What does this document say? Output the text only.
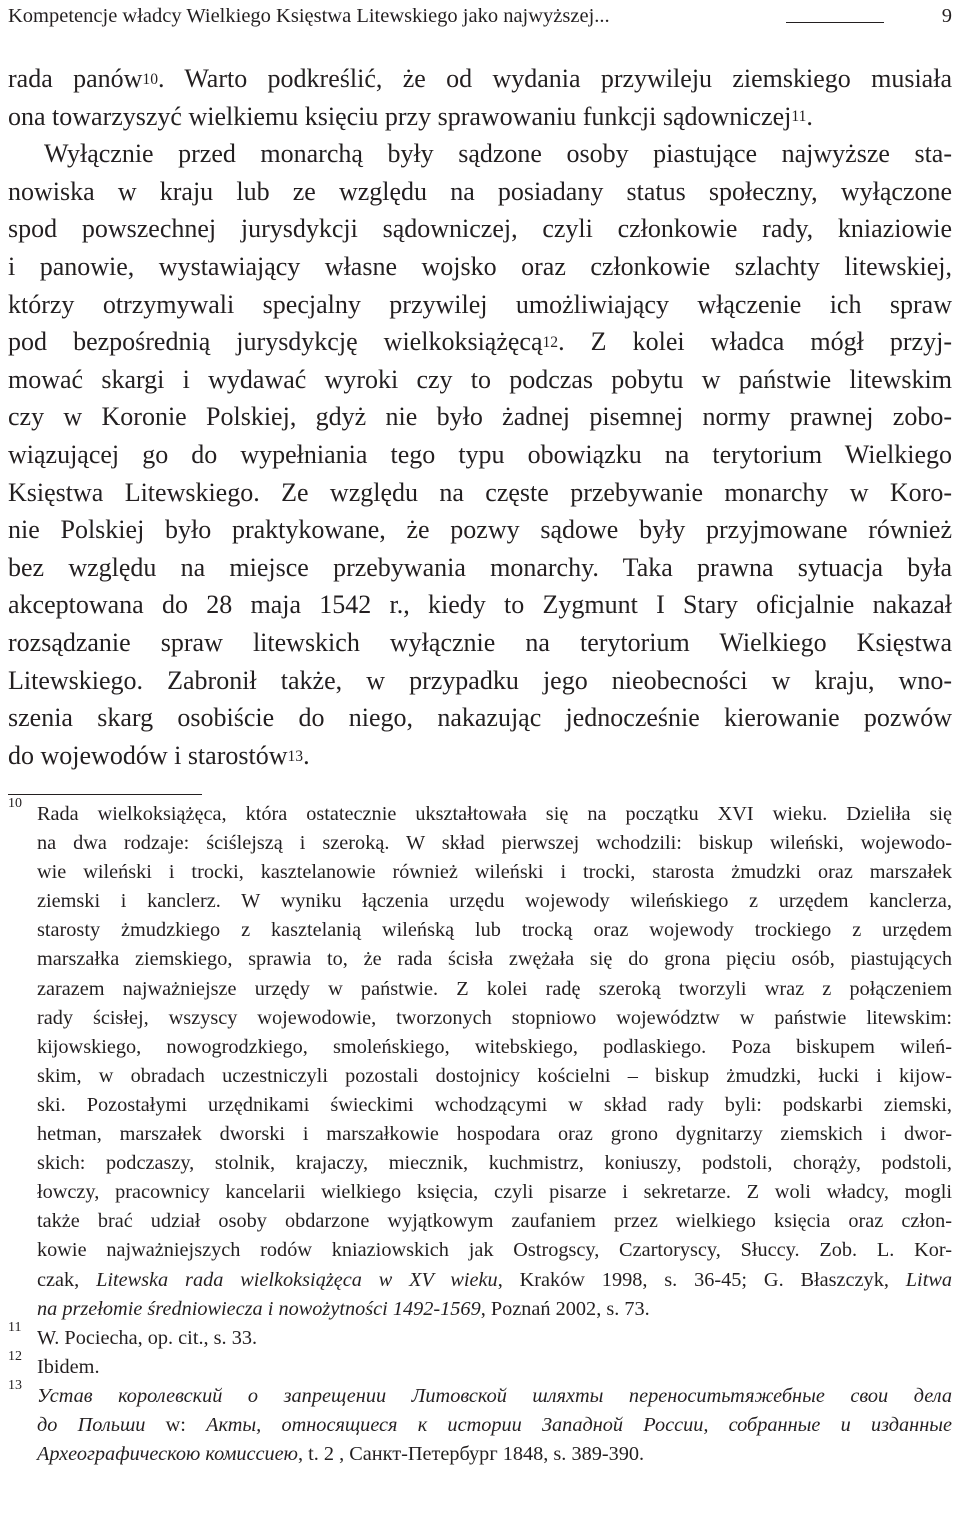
Kompetencje władcy Wielkiego Księstwa Litewskiego jako najwyższej...	9
rada panów$^{10}$. Warto podkreślić, że od wydania przywileju ziemskiego musiała
ona towarzyszyć wielkiemu księciu przy sprawowaniu funkcji sądowniczej$^{11}$.
Wyłącznie przed monarchą były sądzone osoby piastujące najwyższe sta-
nowiska w kraju lub ze względu na posiadany status społeczny, wyłączone
spod powszechnej jurysdykcji sądowniczej, czyli członkowie rady, kniaziowie
i panowie, wystawiający własne wojsko oraz członkowie szlachty litewskiej,
którzy otrzymywali specjalny przywilej umożliwiający włączenie ich spraw
pod bezpośrednią jurysdykcję wielkoksiążęcą$^{12}$. Z kolei władca mógł przyj-
mować skargi i wydawać wyroki czy to podczas pobytu w państwie litewskim
czy w Koronie Polskiej, gdyż nie było żadnej pisemnej normy prawnej zobo-
wiązującej go do wypełniania tego typu obowiązku na terytorium Wielkiego
Księstwa Litewskiego. Ze względu na częste przebywanie monarchy w Koro-
nie Polskiej było praktykowane, że pozwy sądowe były przyjmowane również
bez względu na miejsce przebywania monarchy. Taka prawna sytuacja była
akceptowana do 28 maja 1542 r., kiedy to Zygmunt I Stary oficjalnie nakazał
rozsądzanie spraw litewskich wyłącznie na terytorium Wielkiego Księstwa
Litewskiego. Zabronił także, w przypadku jego nieobecności w kraju, wno-
szenia skarg osobiście do niego, nakazując jednocześnie kierowanie pozwów
do wojewodów i starostów$^{13}$.
10 Rada wielkoksiążęca, która ostatecznie ukształtowała się na początku XVI wieku. Dzieliła się
na dwa rodzaje: ściślejszą i szeroką. W skład pierwszej wchodzili: biskup wileński, wojewodo-
wie wileński i trocki, kasztelanowie również wileński i trocki, starosta żmudzki oraz marszałek
ziemski i kanclerz. W wyniku łączenia urzędu wojewody wileńskiego z urzędem kanclerza,
starosty żmudzkiego z kasztelanią wileńską lub trocką oraz wojewody trockiego z urzędem
marszałka ziemskiego, sprawia to, że rada ścisła zwężała się do grona pięciu osób, piastujących
zarazem najważniejsze urzędy w państwie. Z kolei radę szeroką tworzyli wraz z połączeniem
rady ścisłej, wszyscy wojewodowie, tworzonych stopniowo województw w państwie litewskim:
kijowskiego, nowogrodzkiego, smoleńskiego, witebskiego, podlaskiego. Poza biskupem wileń-
skim, w obradach uczestniczyli pozostali dostojnicy kościelni – biskup żmudzki, łucki i kijow-
ski. Pozostałymi urzędnikami świeckimi wchodzącymi w skład rady byli: podskarbi ziemski,
hetman, marszałek dworski i marszałkowie hospodara oraz grono dygnitarzy ziemskich i dwor-
skich: podczaszy, stolnik, krajaczy, miecznik, kuchmistrz, koniuszy, podstoli, chorąży, podstoli,
łowczy, pracownicy kancelarii wielkiego księcia, czyli pisarze i sekretarze. Z woli władcy, mogli
także brać udział osoby obdarzone wyjątkowym zaufaniem przez wielkiego księcia oraz człon-
kowie najważniejszych rodów kniaziowskich jak Ostrogscy, Czartoryscy, Słuccy. Zob. L. Kor-
czak, Litewska rada wielkoksiążęca w XV wieku, Kraków 1998, s. 36-45; G. Błaszczyk, Litwa
na przełomie średniowiecza i nowożytności 1492-1569, Poznań 2002, s. 73.
11 W. Pociecha, op. cit., s. 33.
12 Ibidem.
13 Устав королевский о запрещении Литовской шляхты переноситьтяжебные свои дела
до Польши w: Акты, относящиеся к истории Западной России, собранные и изданные
Археографическою комиссиею, t. 2 , Санкт-Петербург 1848, s. 389-390.
